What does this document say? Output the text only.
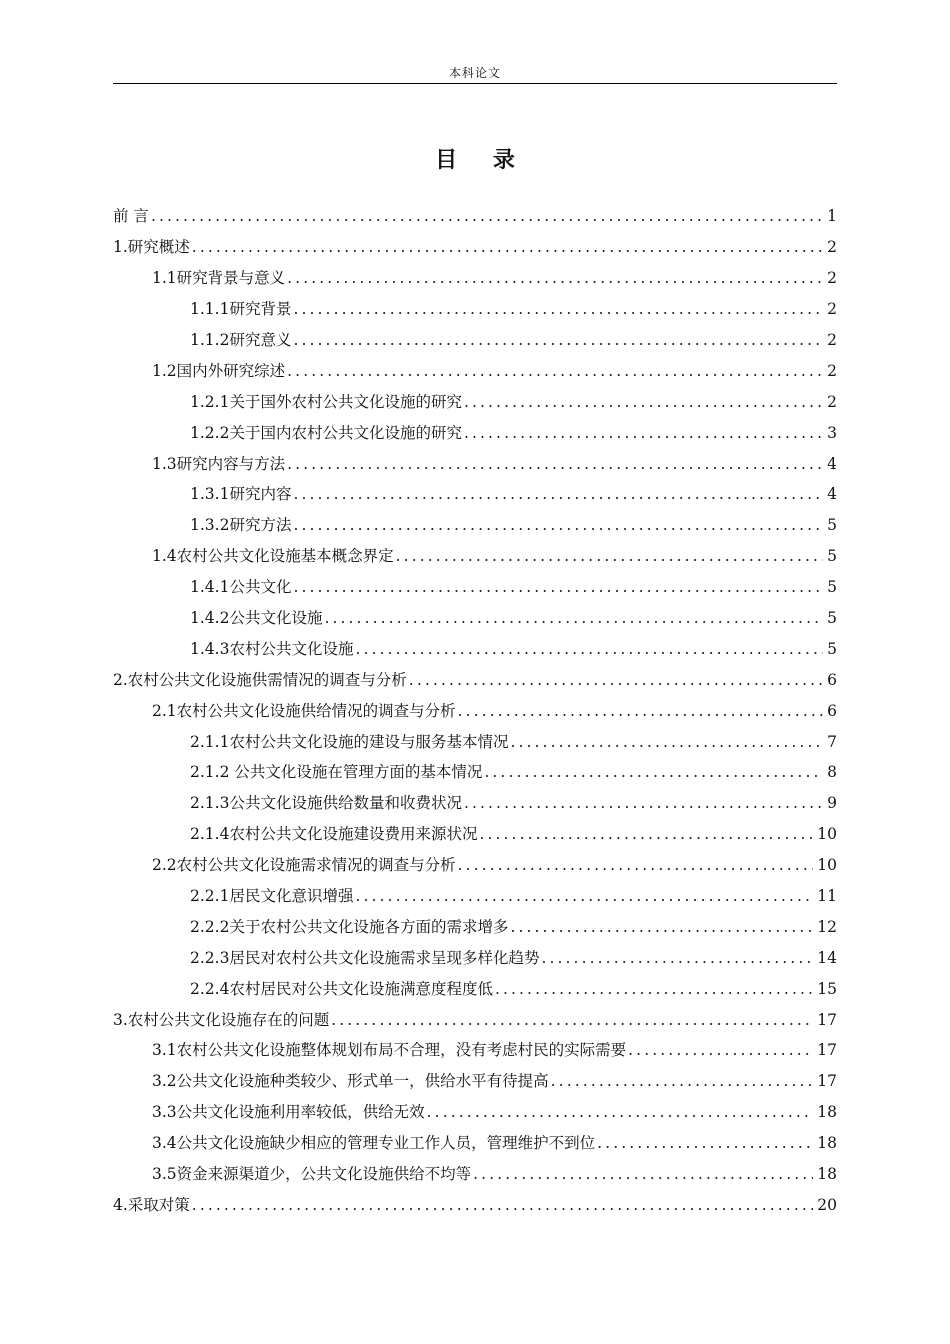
本科论文
目 录
前 言 .....	1
1.研究概述 .....	2
1.1研究背景与意义 .....	2
1.1.1研究背景 .....	2
1.1.2研究意义 .....	2
1.2国内外研究综述 .....	2
1.2.1关于国外农村公共文化设施的研究 .....	2
1.2.2关于国内农村公共文化设施的研究 .....	3
1.3研究内容与方法 .....	4
1.3.1研究内容 .....	4
1.3.2研究方法 .....	5
1.4农村公共文化设施基本概念界定 .....	5
1.4.1公共文化 .....	5
1.4.2公共文化设施 .....	5
1.4.3农村公共文化设施 .....	5
2.农村公共文化设施供需情况的调查与分析 .....	6
2.1农村公共文化设施供给情况的调查与分析 .....	6
2.1.1农村公共文化设施的建设与服务基本情况 .....	7
2.1.2 公共文化设施在管理方面的基本情况 .....	8
2.1.3公共文化设施供给数量和收费状况 .....	9
2.1.4农村公共文化设施建设费用来源状况 .....	10
2.2农村公共文化设施需求情况的调查与分析 .....	10
2.2.1居民文化意识增强 .....	11
2.2.2关于农村公共文化设施各方面的需求增多 .....	12
2.2.3居民对农村公共文化设施需求呈现多样化趋势 .....	14
2.2.4农村居民对公共文化设施满意度程度低 .....	15
3.农村公共文化设施存在的问题 .....	17
3.1农村公共文化设施整体规划布局不合理，没有考虑村民的实际需要 .....	17
3.2公共文化设施种类较少、形式单一，供给水平有待提高 .....	17
3.3公共文化设施利用率较低，供给无效 .....	18
3.4公共文化设施缺少相应的管理专业工作人员，管理维护不到位 .....	18
3.5资金来源渠道少，公共文化设施供给不均等 .....	18
4.采取对策 .....	20
